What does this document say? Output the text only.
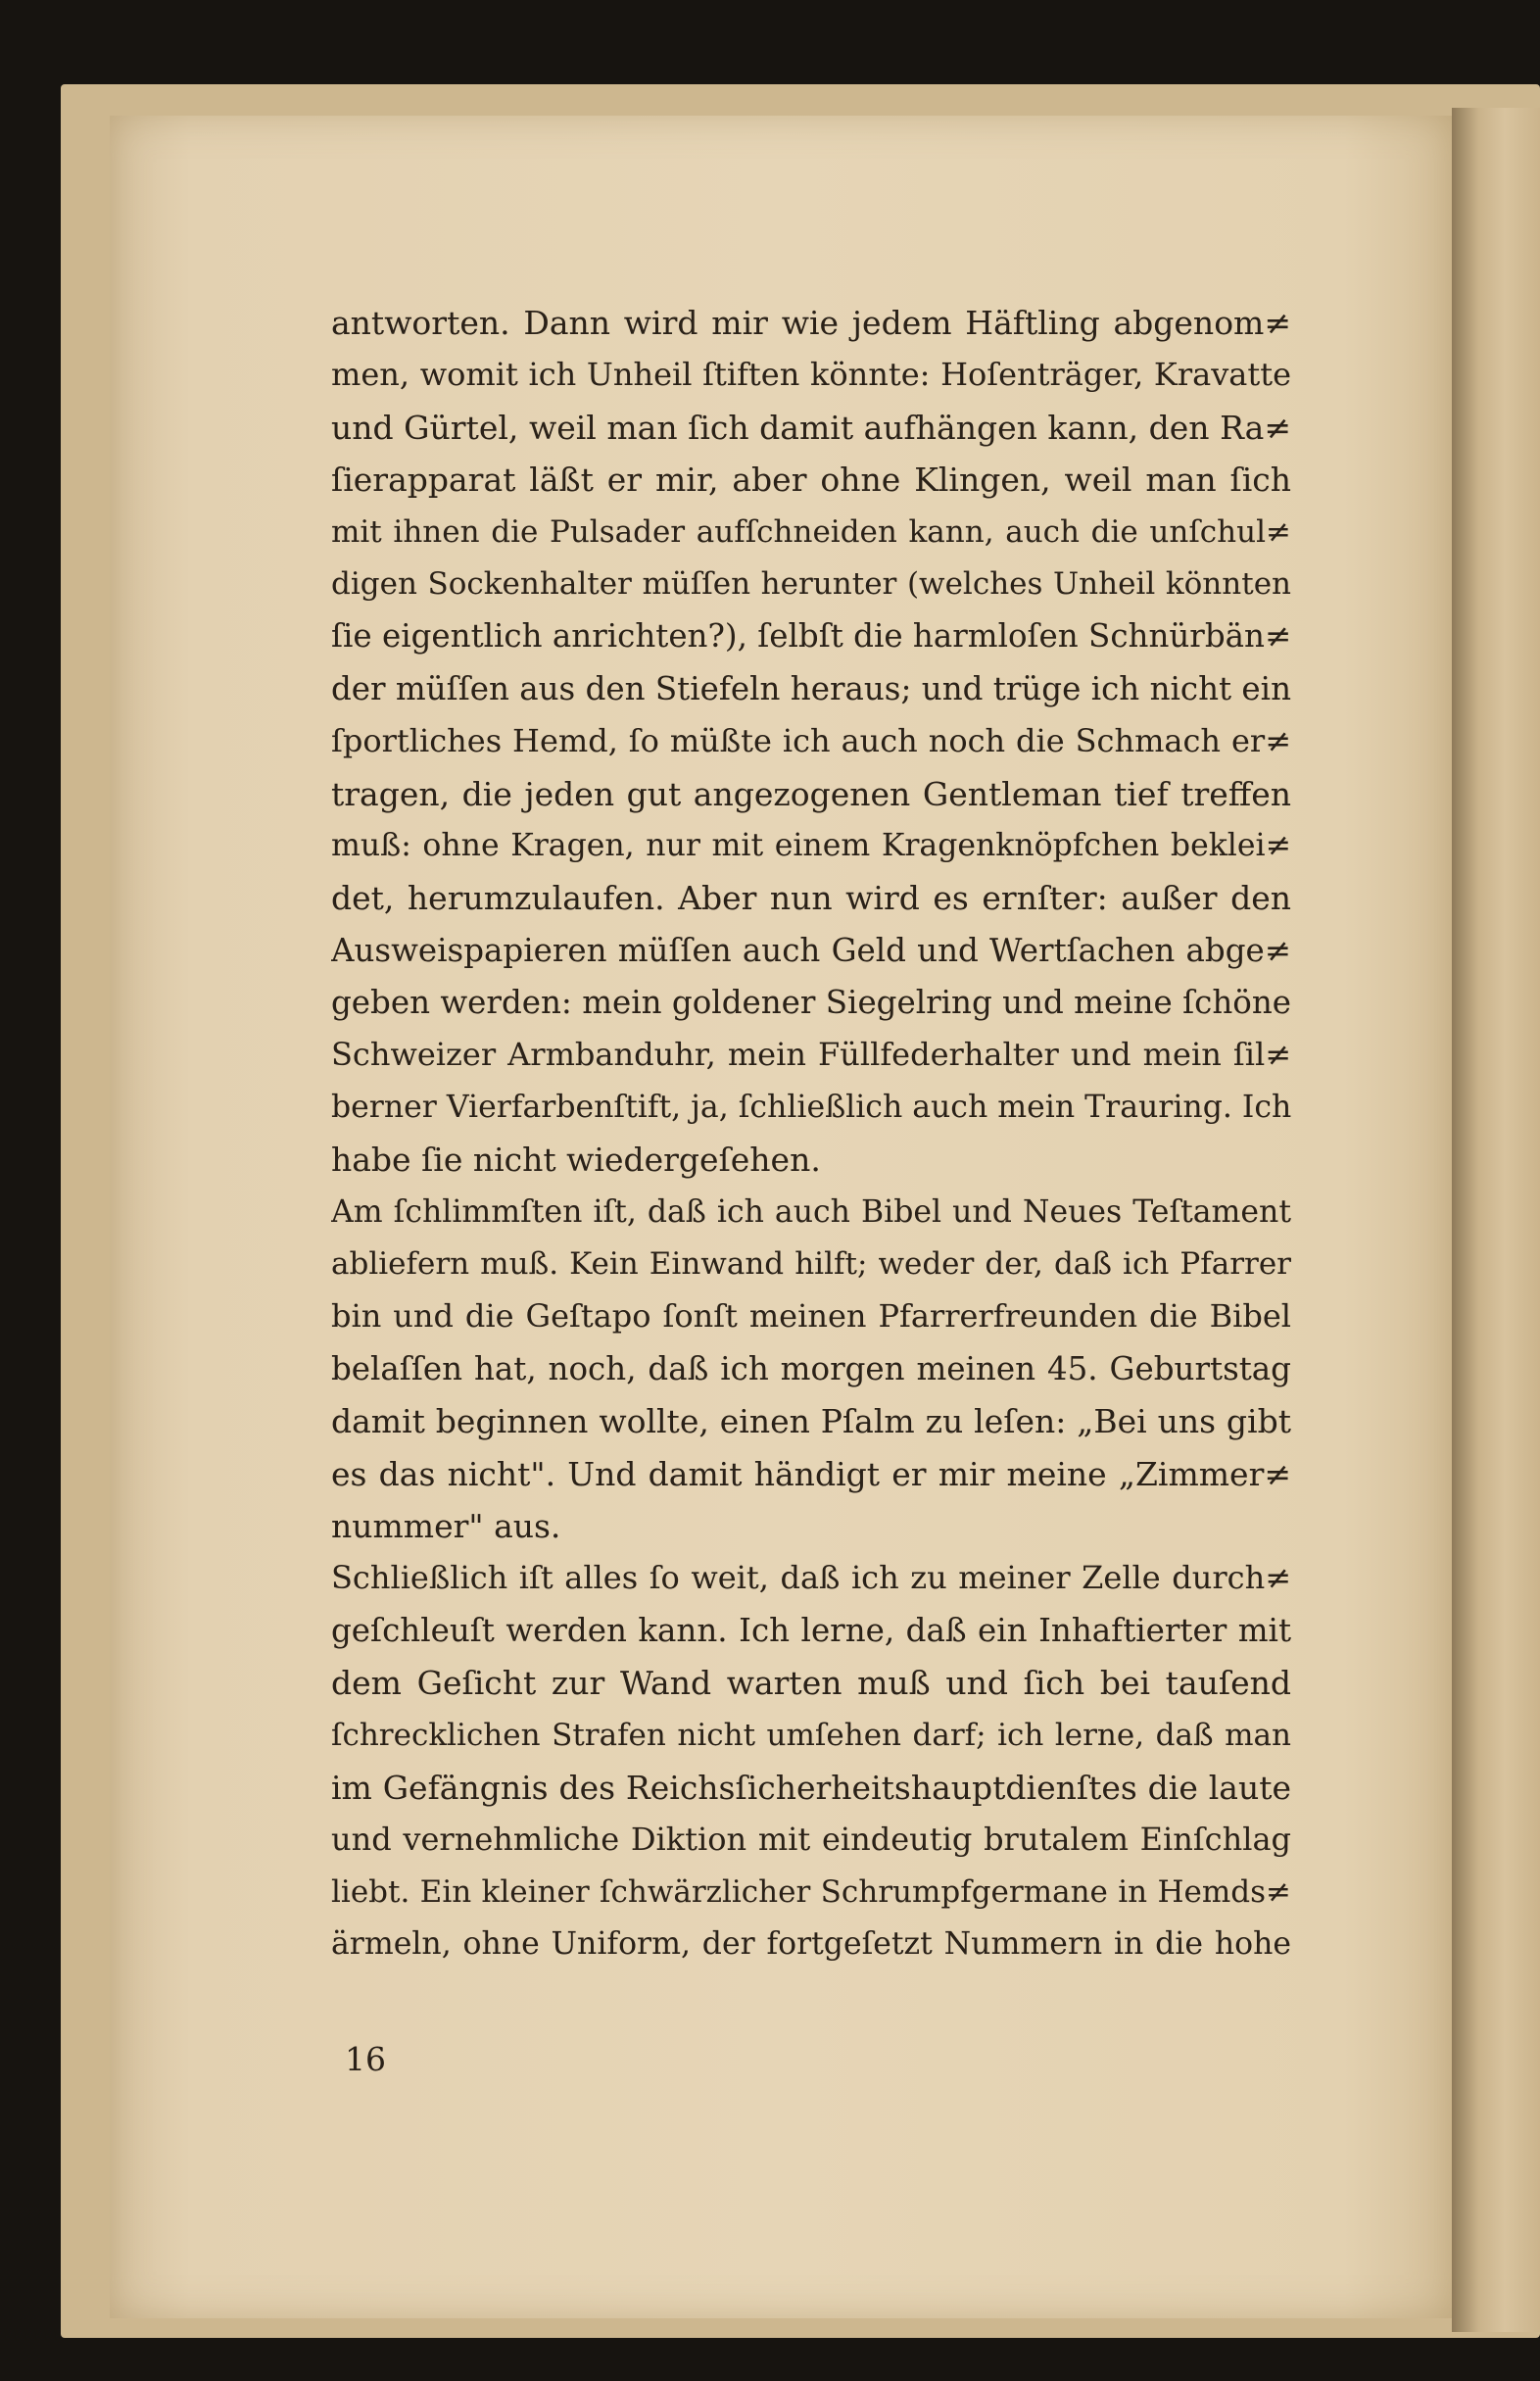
antworten. Dann wird mir wie jedem Häftling abgenom≠
men, womit ich Unheil ſtiften könnte: Hoſenträger, Kravatte
und Gürtel, weil man ſich damit aufhängen kann, den Ra≠
ſierapparat läßt er mir, aber ohne Klingen, weil man ſich
mit ihnen die Pulsader aufſchneiden kann, auch die unſchul≠
digen Sockenhalter müſſen herunter (welches Unheil könnten
ſie eigentlich anrichten?), ſelbſt die harmloſen Schnürbän≠
der müſſen aus den Stiefeln heraus; und trüge ich nicht ein
ſportliches Hemd, ſo müßte ich auch noch die Schmach er≠
tragen, die jeden gut angezogenen Gentleman tief treffen
muß: ohne Kragen, nur mit einem Kragenknöpfchen beklei≠
det, herumzulaufen. Aber nun wird es ernſter: außer den
Ausweispapieren müſſen auch Geld und Wertſachen abge≠
geben werden: mein goldener Siegelring und meine ſchöne
Schweizer Armbanduhr, mein Füllfederhalter und mein ſil≠
berner Vierfarbenſtift, ja, ſchließlich auch mein Trauring. Ich
habe ſie nicht wiedergeſehen.
Am ſchlimmſten iſt, daß ich auch Bibel und Neues Teſtament
abliefern muß. Kein Einwand hilft; weder der, daß ich Pfarrer
bin und die Geſtapo ſonſt meinen Pfarrerfreunden die Bibel
belaſſen hat, noch, daß ich morgen meinen 45. Geburtstag
damit beginnen wollte, einen Pſalm zu leſen: „Bei uns gibt
es das nicht". Und damit händigt er mir meine „Zimmer≠
nummer" aus.
Schließlich iſt alles ſo weit, daß ich zu meiner Zelle durch≠
geſchleuſt werden kann. Ich lerne, daß ein Inhaftierter mit
dem Geſicht zur Wand warten muß und ſich bei tauſend
ſchrecklichen Strafen nicht umſehen darf; ich lerne, daß man
im Gefängnis des Reichsſicherheitshauptdienſtes die laute
und vernehmliche Diktion mit eindeutig brutalem Einſchlag
liebt. Ein kleiner ſchwärzlicher Schrumpfgermane in Hemds≠
ärmeln, ohne Uniform, der fortgeſetzt Nummern in die hohe
16
